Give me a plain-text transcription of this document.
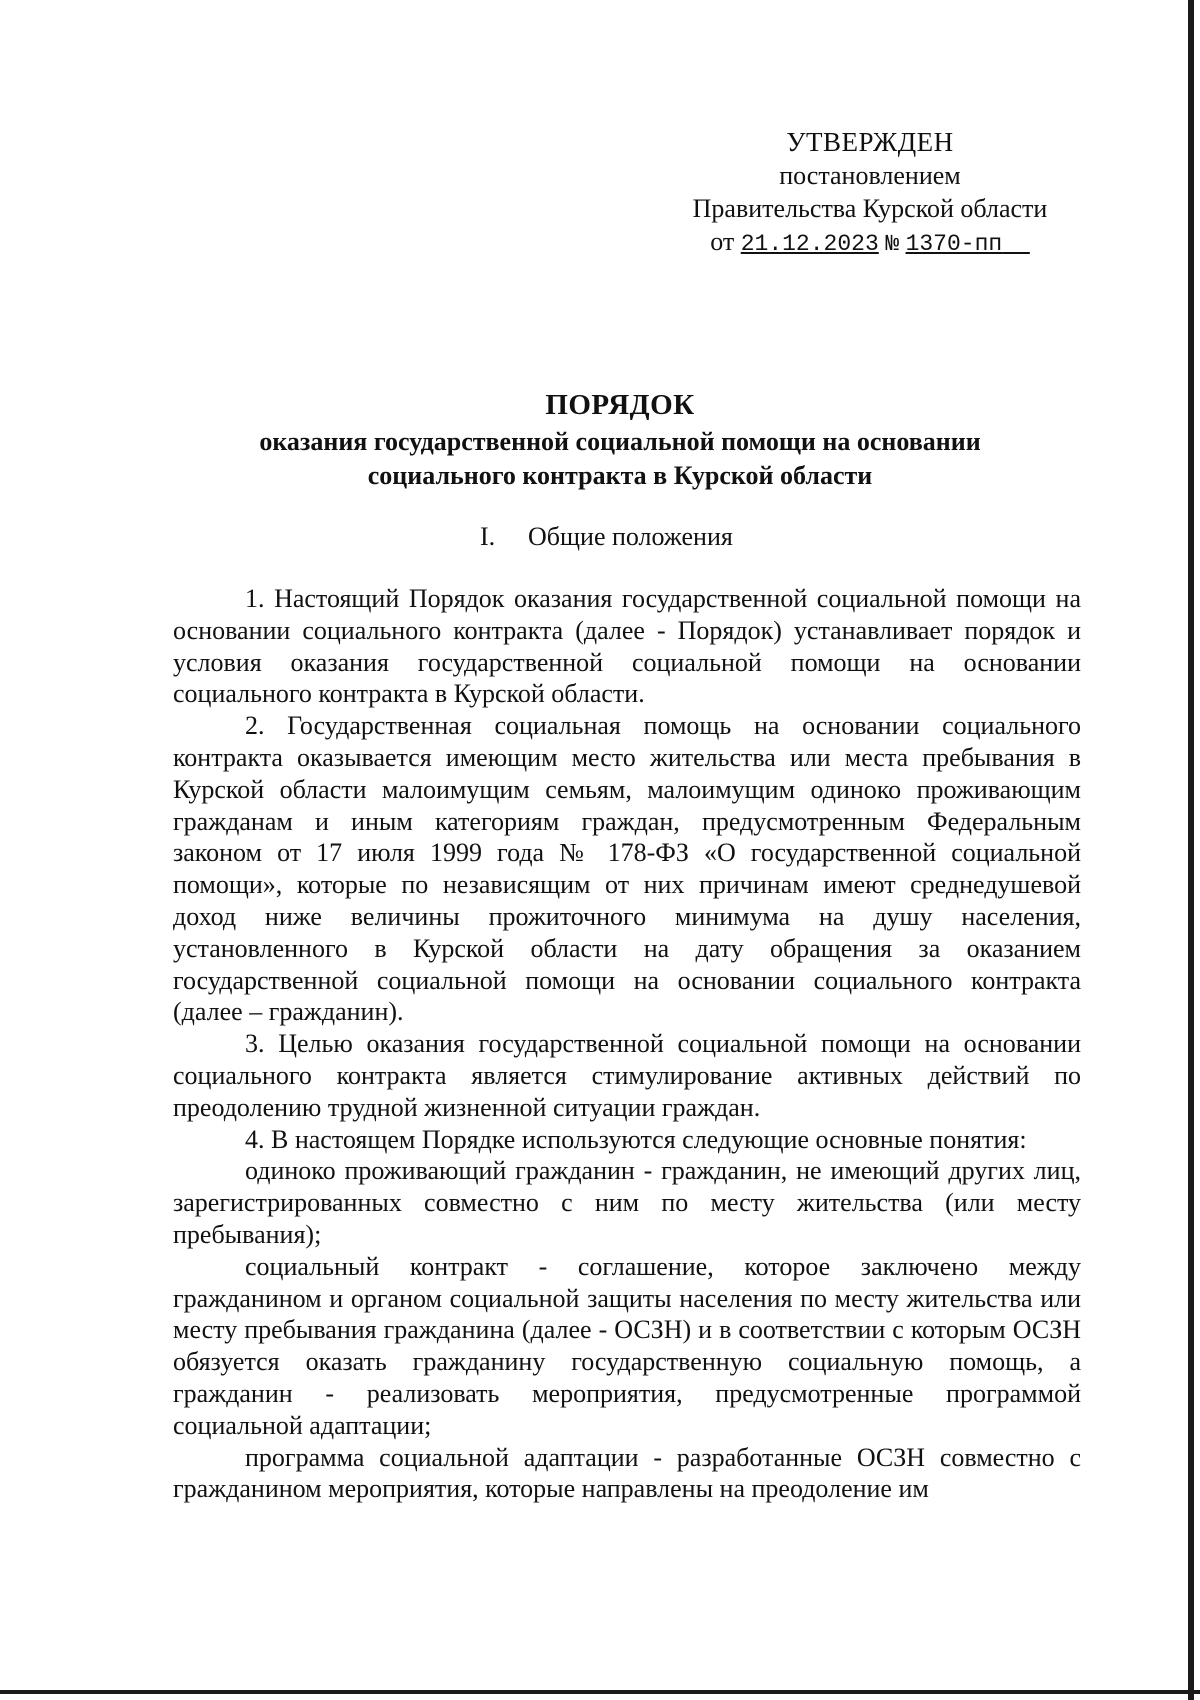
УТВЕРЖДЕН
постановлением
Правительства Курской области
от 21.12.2023 № 1370-пп
ПОРЯДОК
оказания государственной социальной помощи на основании
социального контракта в Курской области
I. Общие положения

1. Настоящий Порядок оказания государственной социальной помощи на основании социального контракта (далее - Порядок) устанавливает порядок и условия оказания государственной социальной помощи на основании социального контракта в Курской области.

2. Государственная социальная помощь на основании социального контракта оказывается имеющим место жительства или места пребывания в Курской области малоимущим семьям, малоимущим одиноко проживающим гражданам и иным категориям граждан, предусмотренным Федеральным законом от 17 июля 1999 года № 178-ФЗ «О государственной социальной помощи», которые по независящим от них причинам имеют среднедушевой доход ниже величины прожиточного минимума на душу населения, установленного в Курской области на дату обращения за оказанием государственной социальной помощи на основании социального контракта (далее – гражданин).

3. Целью оказания государственной социальной помощи на основании социального контракта является стимулирование активных действий по преодолению трудной жизненной ситуации граждан.

4. В настоящем Порядке используются следующие основные понятия:

одиноко проживающий гражданин - гражданин, не имеющий других лиц, зарегистрированных совместно с ним по месту жительства (или месту пребывания);

социальный контракт - соглашение, которое заключено между гражданином и органом социальной защиты населения по месту жительства или месту пребывания гражданина (далее - ОСЗН) и в соответствии с которым ОСЗН обязуется оказать гражданину государственную социальную помощь, а гражданин - реализовать мероприятия, предусмотренные программой социальной адаптации;

программа социальной адаптации - разработанные ОСЗН совместно с гражданином мероприятия, которые направлены на преодоление им
